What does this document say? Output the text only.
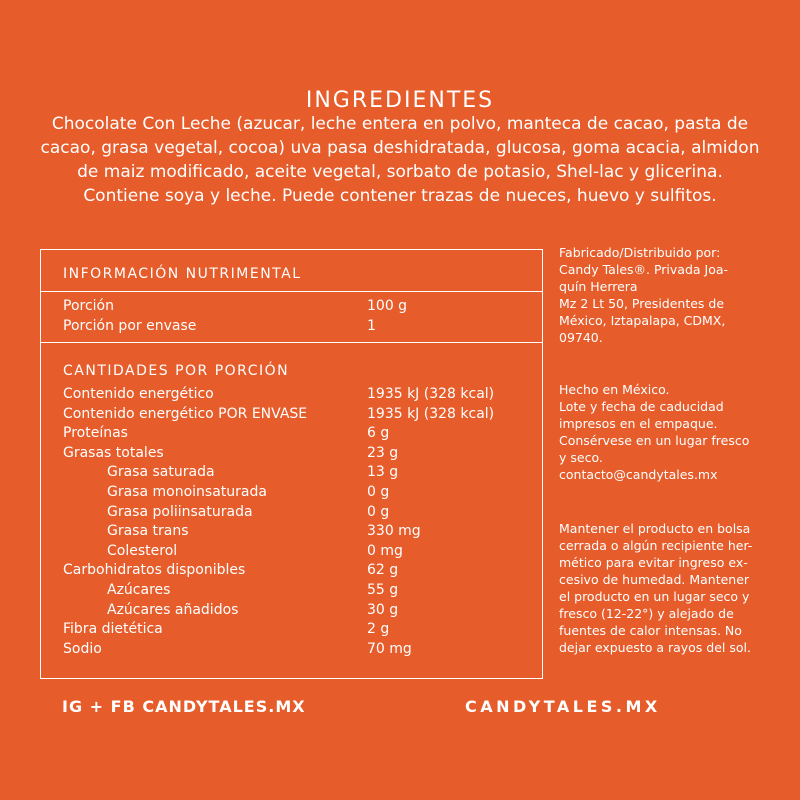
INGREDIENTES

Chocolate Con Leche (azucar, leche entera en polvo, manteca de cacao, pasta de cacao, grasa vegetal, cocoa) uva pasa deshidratada, glucosa, goma acacia, almidon de maiz modificado, aceite vegetal, sorbato de potasio, Shel-lac y glicerina.

Contiene soya y leche. Puede contener trazas de nueces, huevo y sulfitos.

INFORMACIÓN NUTRIMENTAL
Porción	100 g
Porción por envase	1
CANTIDADES POR PORCIÓN
Contenido energético	1935 kJ (328 kcal)
Contenido energético POR ENVASE	1935 kJ (328 kcal)
Proteínas	6 g
Grasas totales	23 g
Grasa saturada	13 g
Grasa monoinsaturada	0 g
Grasa poliinsaturada	0 g
Grasa trans	330 mg
Colesterol	0 mg
Carbohidratos disponibles	62 g
Azúcares	55 g
Azúcares añadidos	30 g
Fibra dietética	2 g
Sodio	70 mg

Fabricado/Distribuido por:

Candy Tales®. Privada Joa-

quín Herrera

Mz 2 Lt 50, Presidentes de

México, Iztapalapa, CDMX,

09740.

Hecho en México.

Lote y fecha de caducidad

impresos en el empaque.

Consérvese en un lugar fresco

y seco.

contacto@candytales.mx

Mantener el producto en bolsa

cerrada o algún recipiente her-

mético para evitar ingreso ex-

cesivo de humedad. Mantener

el producto en un lugar seco y

fresco (12-22°) y alejado de

fuentes de calor intensas. No

dejar expuesto a rayos del sol.

IG + FB CANDYTALES.MX	CANDYTALES.MX
